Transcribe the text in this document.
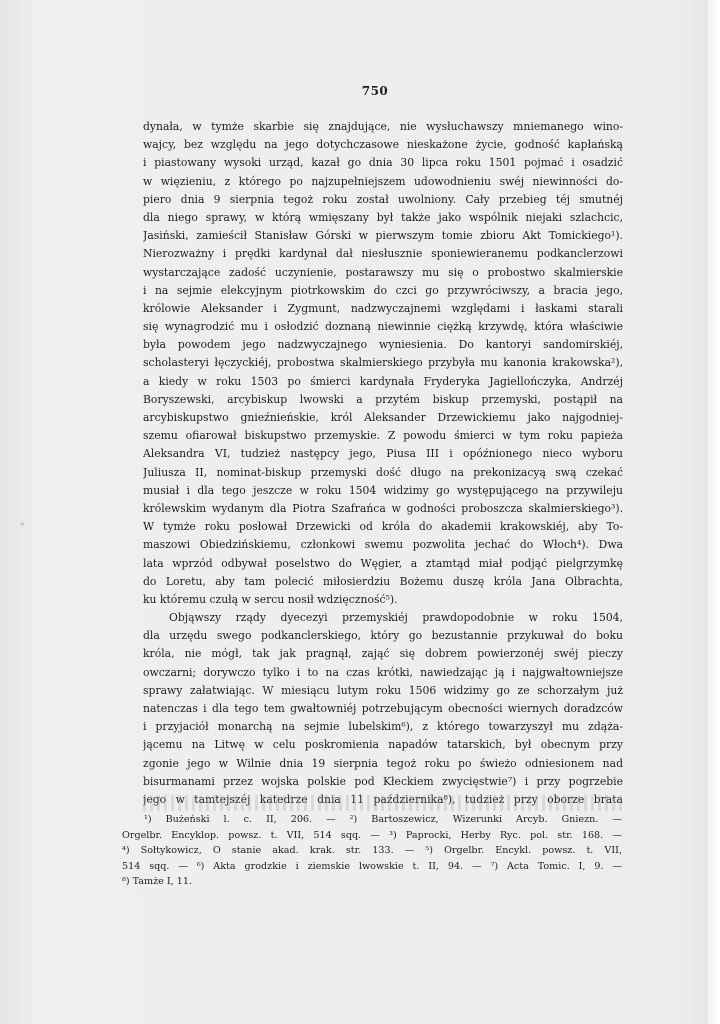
750
dynała, w tymże skarbie się znajdujące, nie wysłuchawszy mniemanego wino-
wajcy, bez względu na jego dotychczasowe nieskażone życie, godność kapłańską
i piastowany wysoki urząd, kazał go dnia 30 lipca roku 1501 pojmać i osadzić
w więzieniu, z którego po najzupełniejszem udowodnieniu swéj niewinności do-
piero dnia 9 sierpnia tegoż roku został uwolniony. Cały przebieg téj smutnéj
dla niego sprawy, w którą wmięszany był także jako wspólnik niejaki szlachcic,
Jasiński, zamieścił Stanisław Górski w pierwszym tomie zbioru Akt Tomickiego¹).
Nierozważny i prędki kardynał dał niesłusznie sponiewieranemu podkanclerzowi
wystarczające zadość uczynienie, postarawszy mu się o probostwo skalmierskie
i na sejmie elekcyjnym piotrkowskim do czci go przywróciwszy, a bracia jego,
królowie Aleksander i Zygmunt, nadzwyczajnemi względami i łaskami starali
się wynagrodzić mu i osłodzić doznaną niewinnie ciężką krzywdę, która właściwie
była powodem jego nadzwyczajnego wyniesienia. Do kantoryi sandomirskiéj,
scholasteryi łęczyckiéj, probostwa skalmierskiego przybyła mu kanonia krakowska²),
a kiedy w roku 1503 po śmierci kardynała Fryderyka Jagiellończyka, Andrzéj
Boryszewski, arcybiskup lwowski a przytém biskup przemyski, postąpił na
arcybiskupstwo gnieźnieńskie, król Aleksander Drzewickiemu jako najgodniej-
szemu ofiarował biskupstwo przemyskie. Z powodu śmierci w tym roku papieża
Aleksandra VI, tudzież następcy jego, Piusa III i opóźnionego nieco wyboru
Juliusza II, nominat-biskup przemyski dość długo na prekonizacyą swą czekać
musiał i dla tego jeszcze w roku 1504 widzimy go występującego na przywileju
królewskim wydanym dla Piotra Szafrańca w godności proboszcza skalmierskiego³).
W tymże roku posłował Drzewicki od króla do akademii krakowskiéj, aby To-
maszowi Obiedzińskiemu, członkowi swemu pozwolita jechać do Włoch⁴). Dwa
lata wprzód odbywał poselstwo do Węgier, a ztamtąd miał podjąć pielgrzymkę
do Loretu, aby tam polecić miłosierdziu Bożemu duszę króla Jana Olbrachta,
ku któremu czułą w sercu nosił wdzięczność⁵).
Objąwszy rządy dyecezyi przemyskiéj prawdopodobnie w roku 1504,
dla urzędu swego podkanclerskiego, który go bezustannie przykuwał do boku
króla, nie mógł, tak jak pragnął, zająć się dobrem powierzonéj swéj pieczy
owczarni; dorywczo tylko i to na czas krótki, nawiedzając ją i najgwałtowniejsze
sprawy załatwiając. W miesiącu lutym roku 1506 widzimy go ze schorzałym już
natenczas i dla tego tem gwałtowniéj potrzebującym obecności wiernych doradzców
i przyjaciół monarchą na sejmie lubelskim⁶), z którego towarzyszył mu zdąża-
jącemu na Litwę w celu poskromienia napadów tatarskich, był obecnym przy
zgonie jego w Wilnie dnia 19 sierpnia tegoż roku po świeżo odniesionem nad
bisurmanami przez wojska polskie pod Kłeckiem zwycięstwie⁷) i przy pogrzebie
jego w tamtejszéj katedrze dnia 11 października⁸), tudzież przy oborze brata
¹) Bużeński l. c. II, 206. — ²) Bartoszewicz, Wizerunki Arcyb. Gniezn. —
Orgelbr. Encyklop. powsz. t. VII, 514 sqq. — ³) Paprocki, Herby Ryc. pol. str. 168. —
⁴) Sołtykowicz, O stanie akad. krak. str. 133. — ⁵) Orgelbr. Encykl. powsz. t. VII,
514 sqq. — ⁶) Akta grodzkie i ziemskie lwowskie t. II, 94. — ⁷) Acta Tomic. I, 9. —
⁸) Tamże I, 11.
*
